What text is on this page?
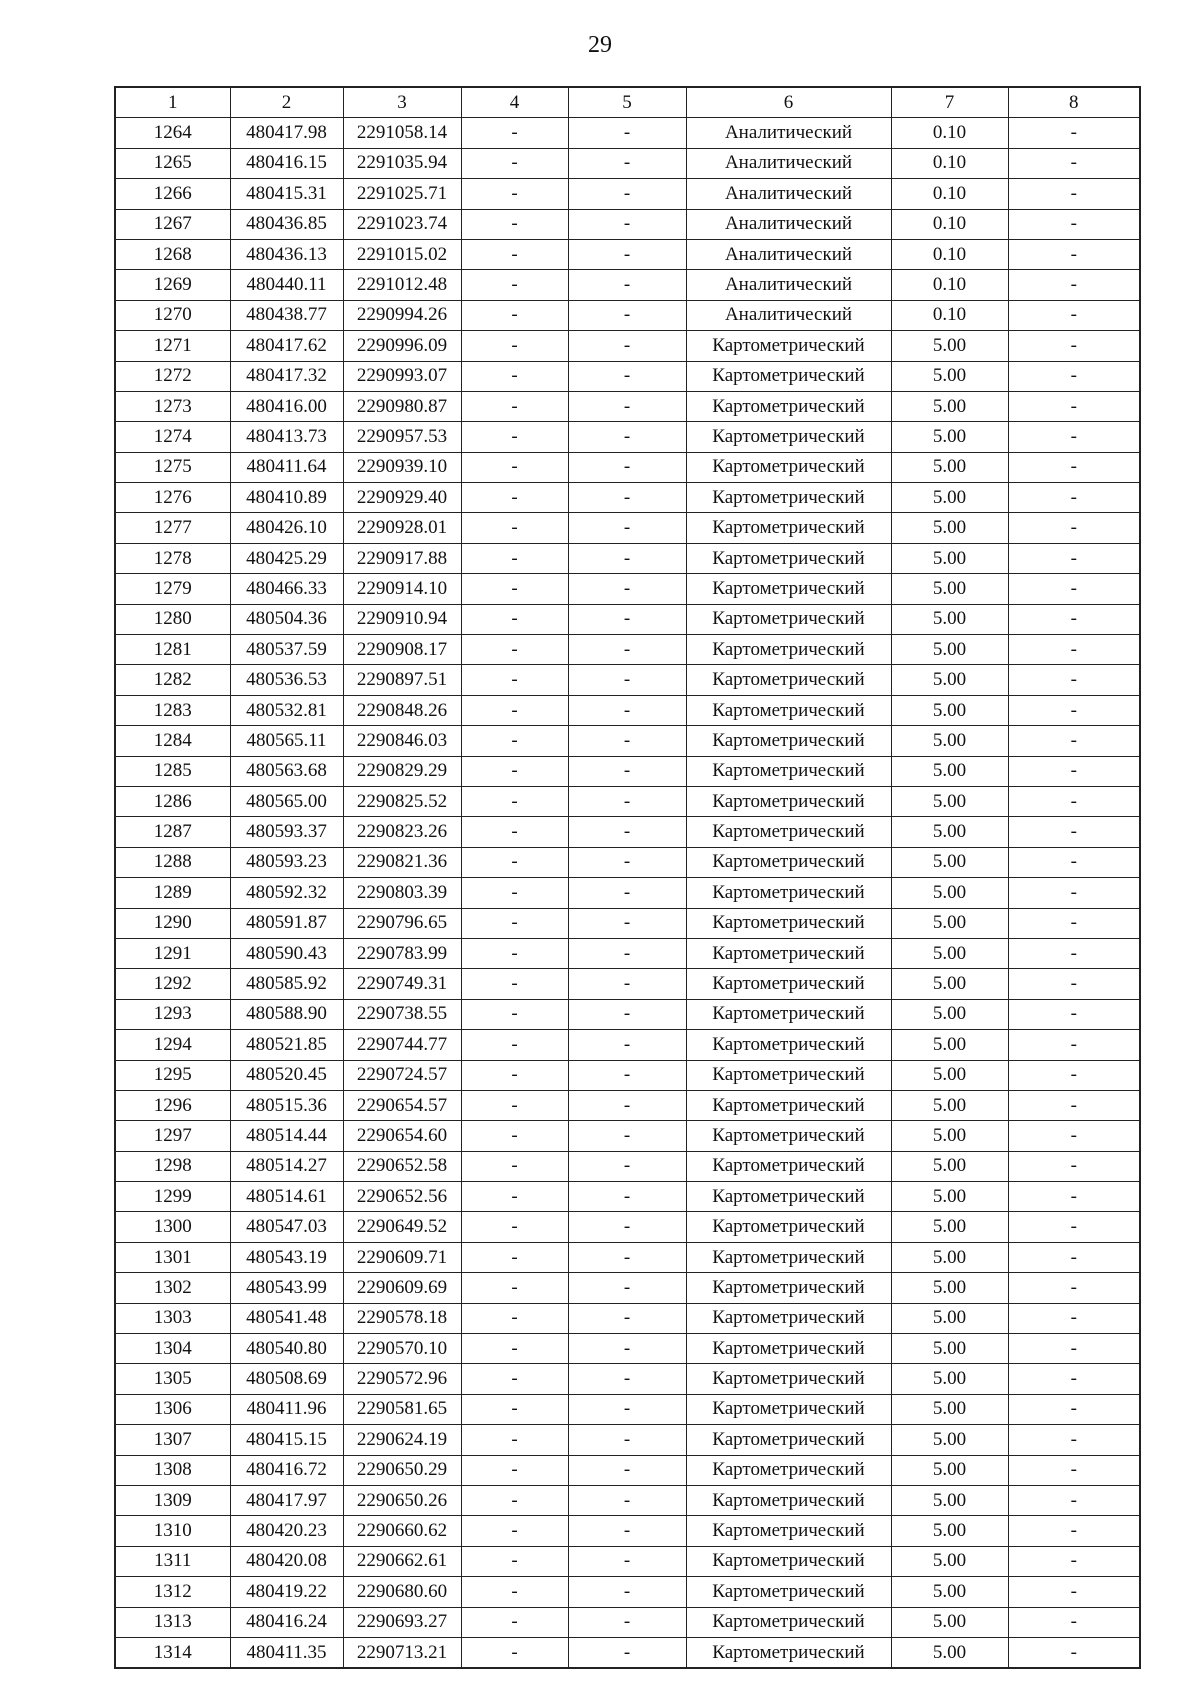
29
1	2	3	4	5	6	7	8
1264	480417.98	2291058.14	-	-	Аналитический	0.10	-
1265	480416.15	2291035.94	-	-	Аналитический	0.10	-
1266	480415.31	2291025.71	-	-	Аналитический	0.10	-
1267	480436.85	2291023.74	-	-	Аналитический	0.10	-
1268	480436.13	2291015.02	-	-	Аналитический	0.10	-
1269	480440.11	2291012.48	-	-	Аналитический	0.10	-
1270	480438.77	2290994.26	-	-	Аналитический	0.10	-
1271	480417.62	2290996.09	-	-	Картометрический	5.00	-
1272	480417.32	2290993.07	-	-	Картометрический	5.00	-
1273	480416.00	2290980.87	-	-	Картометрический	5.00	-
1274	480413.73	2290957.53	-	-	Картометрический	5.00	-
1275	480411.64	2290939.10	-	-	Картометрический	5.00	-
1276	480410.89	2290929.40	-	-	Картометрический	5.00	-
1277	480426.10	2290928.01	-	-	Картометрический	5.00	-
1278	480425.29	2290917.88	-	-	Картометрический	5.00	-
1279	480466.33	2290914.10	-	-	Картометрический	5.00	-
1280	480504.36	2290910.94	-	-	Картометрический	5.00	-
1281	480537.59	2290908.17	-	-	Картометрический	5.00	-
1282	480536.53	2290897.51	-	-	Картометрический	5.00	-
1283	480532.81	2290848.26	-	-	Картометрический	5.00	-
1284	480565.11	2290846.03	-	-	Картометрический	5.00	-
1285	480563.68	2290829.29	-	-	Картометрический	5.00	-
1286	480565.00	2290825.52	-	-	Картометрический	5.00	-
1287	480593.37	2290823.26	-	-	Картометрический	5.00	-
1288	480593.23	2290821.36	-	-	Картометрический	5.00	-
1289	480592.32	2290803.39	-	-	Картометрический	5.00	-
1290	480591.87	2290796.65	-	-	Картометрический	5.00	-
1291	480590.43	2290783.99	-	-	Картометрический	5.00	-
1292	480585.92	2290749.31	-	-	Картометрический	5.00	-
1293	480588.90	2290738.55	-	-	Картометрический	5.00	-
1294	480521.85	2290744.77	-	-	Картометрический	5.00	-
1295	480520.45	2290724.57	-	-	Картометрический	5.00	-
1296	480515.36	2290654.57	-	-	Картометрический	5.00	-
1297	480514.44	2290654.60	-	-	Картометрический	5.00	-
1298	480514.27	2290652.58	-	-	Картометрический	5.00	-
1299	480514.61	2290652.56	-	-	Картометрический	5.00	-
1300	480547.03	2290649.52	-	-	Картометрический	5.00	-
1301	480543.19	2290609.71	-	-	Картометрический	5.00	-
1302	480543.99	2290609.69	-	-	Картометрический	5.00	-
1303	480541.48	2290578.18	-	-	Картометрический	5.00	-
1304	480540.80	2290570.10	-	-	Картометрический	5.00	-
1305	480508.69	2290572.96	-	-	Картометрический	5.00	-
1306	480411.96	2290581.65	-	-	Картометрический	5.00	-
1307	480415.15	2290624.19	-	-	Картометрический	5.00	-
1308	480416.72	2290650.29	-	-	Картометрический	5.00	-
1309	480417.97	2290650.26	-	-	Картометрический	5.00	-
1310	480420.23	2290660.62	-	-	Картометрический	5.00	-
1311	480420.08	2290662.61	-	-	Картометрический	5.00	-
1312	480419.22	2290680.60	-	-	Картометрический	5.00	-
1313	480416.24	2290693.27	-	-	Картометрический	5.00	-
1314	480411.35	2290713.21	-	-	Картометрический	5.00	-
